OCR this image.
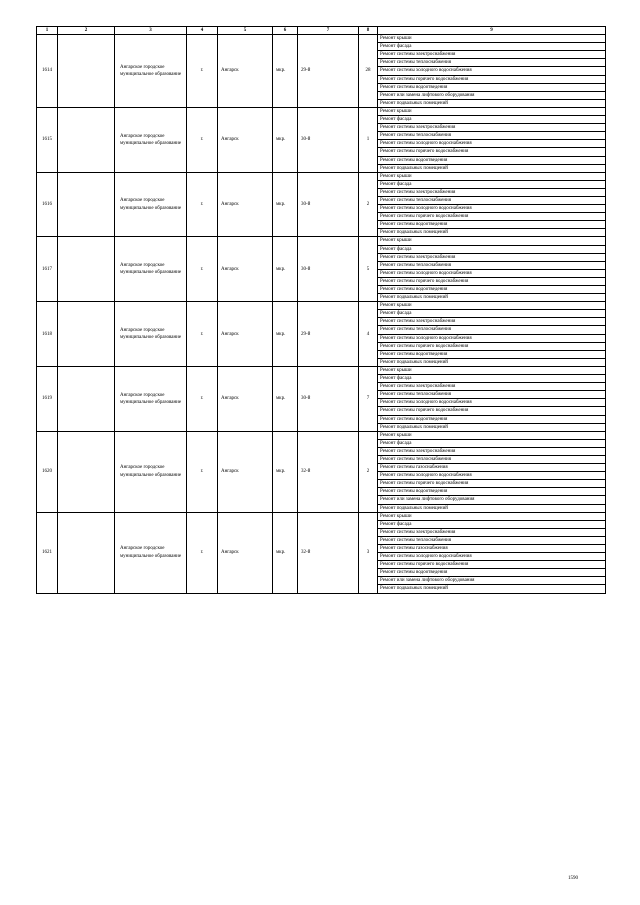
1	2	3	4	5	6	7	8	9
1614		Ангарское городское муниципальное образование	г.	Ангарск	мкр.	29-й	28	Ремонт крыши
								Ремонт фасада
								Ремонт системы электроснабжения
								Ремонт системы теплоснабжения
								Ремонт системы холодного водоснабжения
								Ремонт системы горячего водоснабжения
								Ремонт системы водоотведения
								Ремонт или замена лифтового оборудования
								Ремонт подвальных помещений
1615		Ангарское городское муниципальное образование	г.	Ангарск	мкр.	30-й	1	Ремонт крыши
								Ремонт фасада
								Ремонт системы электроснабжения
								Ремонт системы теплоснабжения
								Ремонт системы холодного водоснабжения
								Ремонт системы горячего водоснабжения
								Ремонт системы водоотведения
								Ремонт подвальных помещений
1616		Ангарское городское муниципальное образование	г.	Ангарск	мкр.	30-й	2	Ремонт крыши
								Ремонт фасада
								Ремонт системы электроснабжения
								Ремонт системы теплоснабжения
								Ремонт системы холодного водоснабжения
								Ремонт системы горячего водоснабжения
								Ремонт системы водоотведения
								Ремонт подвальных помещений
1617		Ангарское городское муниципальное образование	г.	Ангарск	мкр.	30-й	5	Ремонт крыши
								Ремонт фасада
								Ремонт системы электроснабжения
								Ремонт системы теплоснабжения
								Ремонт системы холодного водоснабжения
								Ремонт системы горячего водоснабжения
								Ремонт системы водоотведения
								Ремонт подвальных помещений
1618		Ангарское городское муниципальное образование	г.	Ангарск	мкр.	29-й	4	Ремонт крыши
								Ремонт фасада
								Ремонт системы электроснабжения
								Ремонт системы теплоснабжения
								Ремонт системы холодного водоснабжения
								Ремонт системы горячего водоснабжения
								Ремонт системы водоотведения
								Ремонт подвальных помещений
1619		Ангарское городское муниципальное образование	г.	Ангарск	мкр.	30-й	7	Ремонт крыши
								Ремонт фасада
								Ремонт системы электроснабжения
								Ремонт системы теплоснабжения
								Ремонт системы холодного водоснабжения
								Ремонт системы горячего водоснабжения
								Ремонт системы водоотведения
								Ремонт подвальных помещений
1620		Ангарское городское муниципальное образование	г.	Ангарск	мкр.	32-й	2	Ремонт крыши
								Ремонт фасада
								Ремонт системы электроснабжения
								Ремонт системы теплоснабжения
								Ремонт системы газоснабжения
								Ремонт системы холодного водоснабжения
								Ремонт системы горячего водоснабжения
								Ремонт системы водоотведения
								Ремонт или замена лифтового оборудования
								Ремонт подвальных помещений
1621		Ангарское городское муниципальное образование	г.	Ангарск	мкр.	32-й	3	Ремонт крыши
								Ремонт фасада
								Ремонт системы электроснабжения
								Ремонт системы теплоснабжения
								Ремонт системы газоснабжения
								Ремонт системы холодного водоснабжения
								Ремонт системы горячего водоснабжения
								Ремонт системы водоотведения
								Ремонт или замена лифтового оборудования
								Ремонт подвальных помещений
1590
